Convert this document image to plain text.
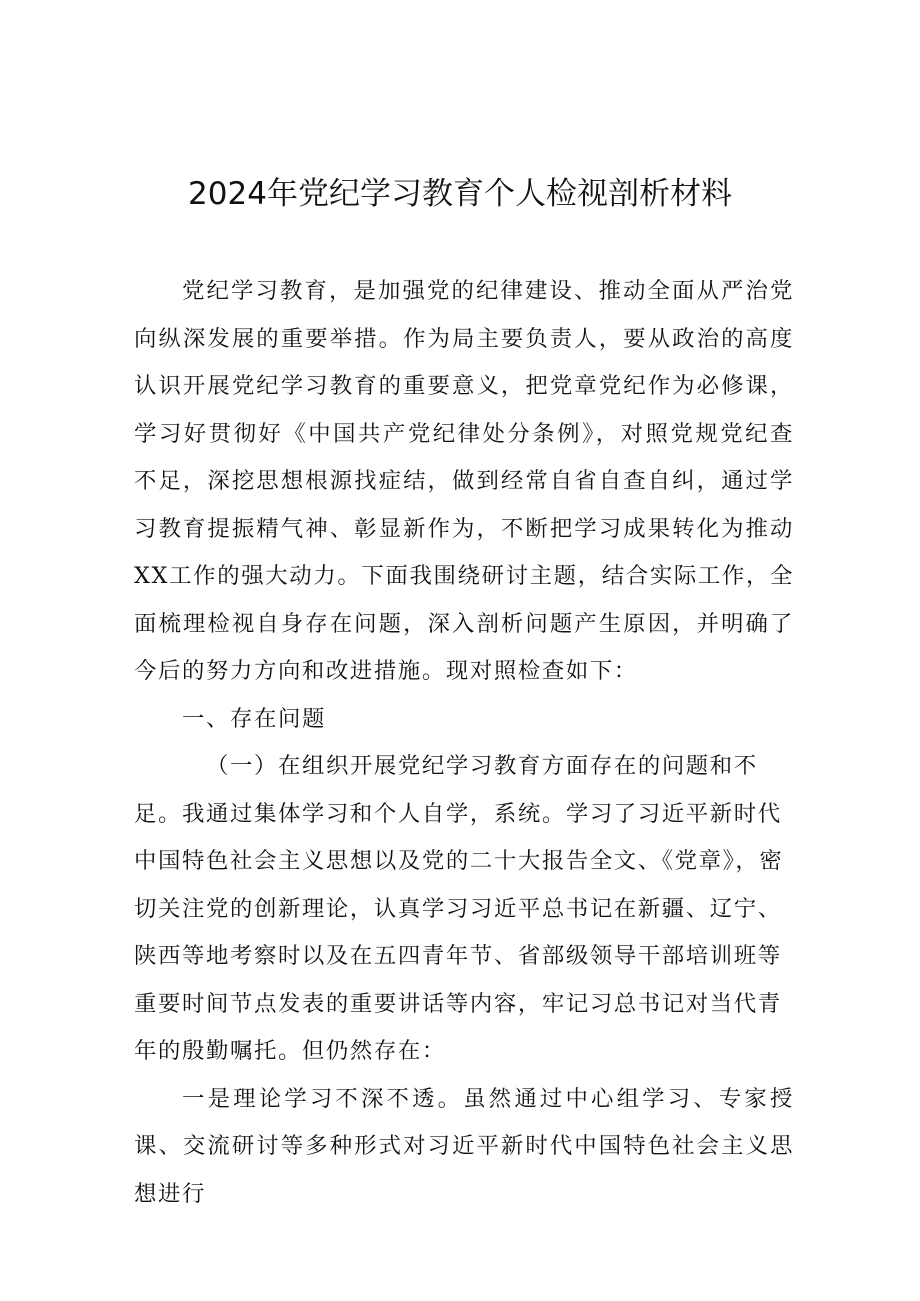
2024年党纪学习教育个人检视剖析材料

党纪学习教育，是加强党的纪律建设、推动全面从严治党向纵深发展的重要举措。作为局主要负责人，要从政治的高度认识开展党纪学习教育的重要意义，把党章党纪作为必修课，学习好贯彻好《中国共产党纪律处分条例》，对照党规党纪查不足，深挖思想根源找症结，做到经常自省自查自纠，通过学习教育提振精气神、彰显新作为，不断把学习成果转化为推动XX工作的强大动力。下面我围绕研讨主题，结合实际工作，全面梳理检视自身存在问题，深入剖析问题产生原因，并明确了今后的努力方向和改进措施。现对照检查如下：

一、存在问题

（一）在组织开展党纪学习教育方面存在的问题和不足。我通过集体学习和个人自学，系统。学习了习近平新时代中国特色社会主义思想以及党的二十大报告全文、《党章》，密切关注党的创新理论，认真学习习近平总书记在新疆、辽宁、陕西等地考察时以及在五四青年节、省部级领导干部培训班等重要时间节点发表的重要讲话等内容，牢记习总书记对当代青年的殷勤嘱托。但仍然存在：

一是理论学习不深不透。虽然通过中心组学习、专家授课、交流研讨等多种形式对习近平新时代中国特色社会主义思想进行
